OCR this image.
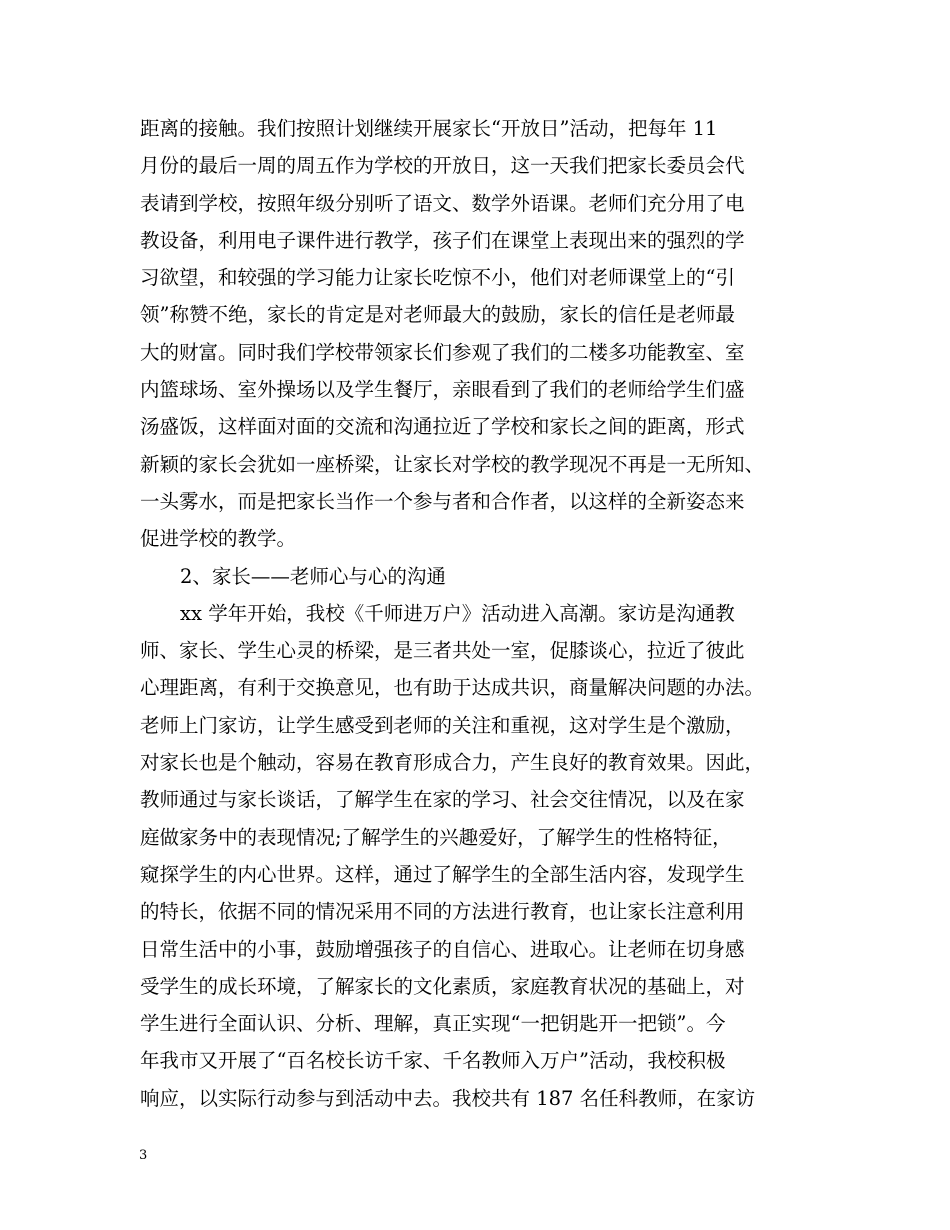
距离的接触。我们按照计划继续开展家长“开放日”活动，把每年 11
月份的最后一周的周五作为学校的开放日，这一天我们把家长委员会代
表请到学校，按照年级分别听了语文、数学外语课。老师们充分用了电
教设备，利用电子课件进行教学，孩子们在课堂上表现出来的强烈的学
习欲望，和较强的学习能力让家长吃惊不小，他们对老师课堂上的“引
领”称赞不绝，家长的肯定是对老师最大的鼓励，家长的信任是老师最
大的财富。同时我们学校带领家长们参观了我们的二楼多功能教室、室
内篮球场、室外操场以及学生餐厅，亲眼看到了我们的老师给学生们盛
汤盛饭，这样面对面的交流和沟通拉近了学校和家长之间的距离，形式
新颖的家长会犹如一座桥梁，让家长对学校的教学现况不再是一无所知、
一头雾水，而是把家长当作一个参与者和合作者，以这样的全新姿态来
促进学校的教学。
2、家长——老师心与心的沟通
xx 学年开始，我校《千师进万户》活动进入高潮。家访是沟通教
师、家长、学生心灵的桥梁，是三者共处一室，促膝谈心，拉近了彼此
心理距离，有利于交换意见，也有助于达成共识，商量解决问题的办法。
老师上门家访，让学生感受到老师的关注和重视，这对学生是个激励，
对家长也是个触动，容易在教育形成合力，产生良好的教育效果。因此，
教师通过与家长谈话，了解学生在家的学习、社会交往情况，以及在家
庭做家务中的表现情况;了解学生的兴趣爱好，了解学生的性格特征，
窥探学生的内心世界。这样，通过了解学生的全部生活内容，发现学生
的特长，依据不同的情况采用不同的方法进行教育，也让家长注意利用
日常生活中的小事，鼓励增强孩子的自信心、进取心。让老师在切身感
受学生的成长环境，了解家长的文化素质，家庭教育状况的基础上，对
学生进行全面认识、分析、理解，真正实现“一把钥匙开一把锁”。今
年我市又开展了“百名校长访千家、千名教师入万户”活动，我校积极
响应，以实际行动参与到活动中去。我校共有 187 名任科教师，在家访
3
